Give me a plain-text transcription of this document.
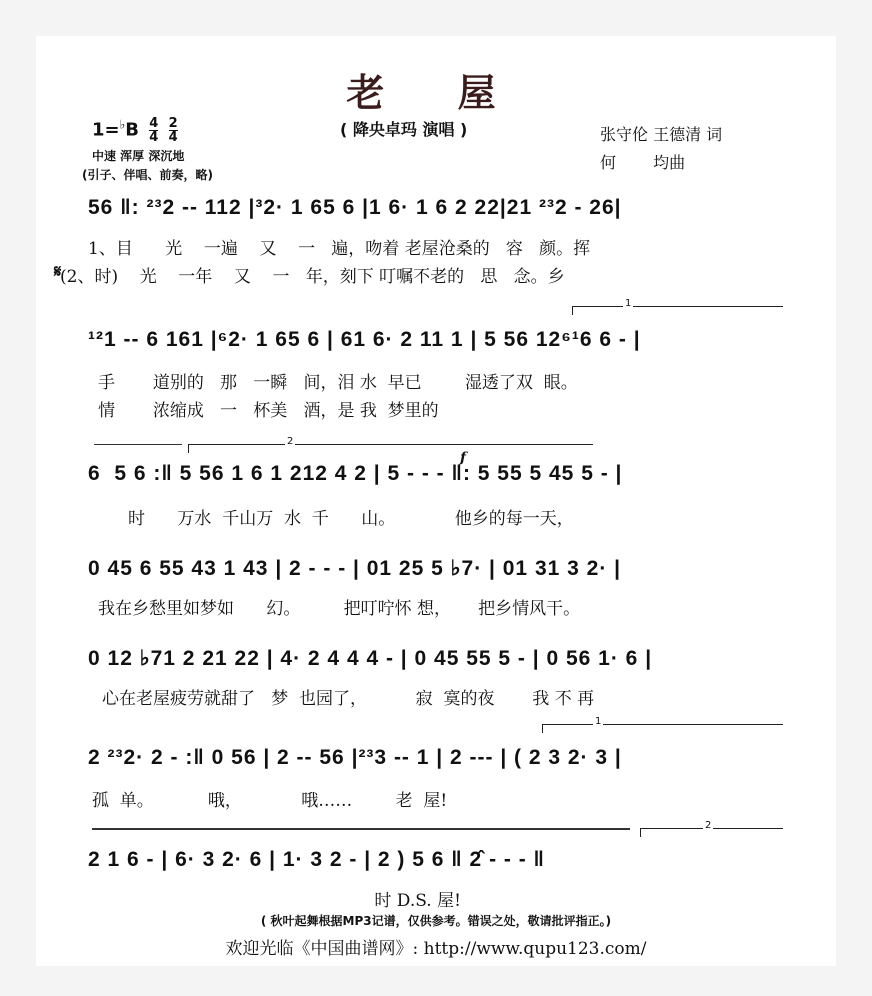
老 屋
( 降央卓玛 演唱 )
$1=^♭B \frac{4}{4}$
$\frac{2}{4}$
中速 浑厚 深沉地
(引子、伴唱、前奏，略)
张守伦 王德清 词
何　　 均曲
56 ‖: ²³2 -- 112 |³2· 1 65 6 |1 6· 1 6 2 22|21 ²³2 - 26|
1、目      光    一遍    又    一   遍，吻着 老屋沧桑的   容   颜。挥
(2、时)    光    一年    又    一   年，刻下 叮嘱不老的   思   念。乡
𝄋
1
¹²1 -- 6 161 |⁶2· 1 65 6 | 61 6· 2 11 1 | 5 56 12⁶¹6 6 - |
手       道别的   那   一瞬   间，泪 水  早已        湿透了双  眼。
情       浓缩成   一   杯美   酒，是 我  梦里的
2
6  5 6 :‖ 5 56 1 6 1 212 4 2 | 5 - - - ‖: 5 55 5 45 5 - |
时      万水  千山万  水  千      山。           他乡的每一天，
f
0 45 6 55 43 1 43 | 2 - - - | 01 25 5 ♭7· | 01 31 3 2· |
我在乡愁里如梦如      幻。        把叮咛怀 想，     把乡情风干。
0 12 ♭71 2 21 22 | 4· 2 4 4 4 - | 0 45 55 5 - | 0 56 1· 6 |
心在老屋疲劳就甜了   梦  也园了，         寂  寞的夜       我 不 再
1
2 ²³2· 2 - :‖ 0 56 | 2 -- 56 |²³3 -- 1 | 2 --- | ( 2 3 2· 3 |
孤  单。          哦，           哦……        老  屋!
2
2 1 6 - | 6· 3 2· 6 | 1· 3 2 - | 2 ) 5 6 ‖ 2̂ - - - ‖
时 D.S. 屋!
( 秋叶起舞根据MP3记谱，仅供参考。错误之处，敬请批评指正。)
欢迎光临《中国曲谱网》: http://www.qupu123.com/
